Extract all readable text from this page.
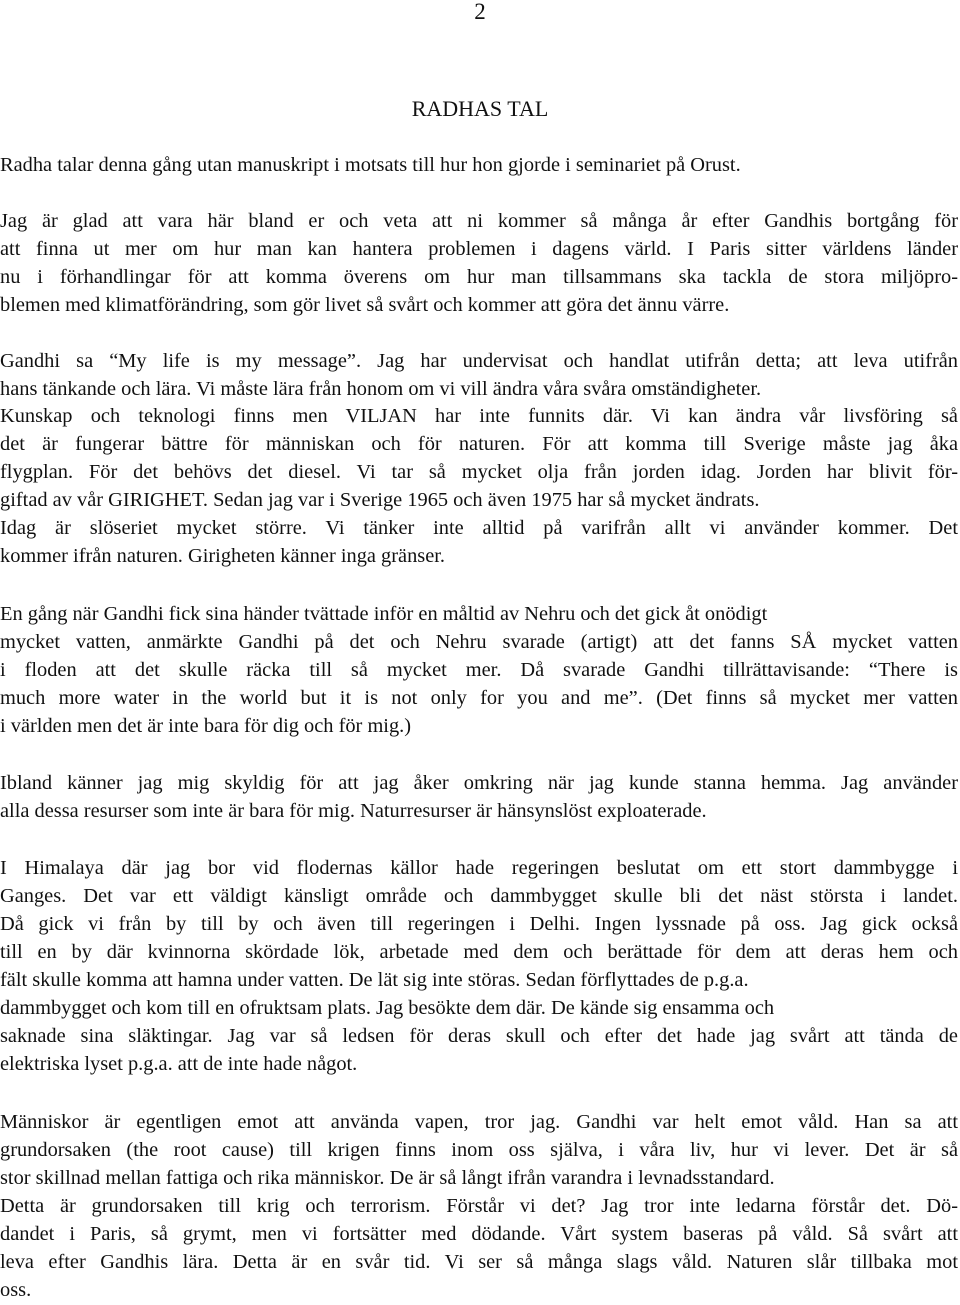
2
RADHAS TAL
Radha talar denna gång utan manuskript i motsats till hur hon gjorde i seminariet på Orust.
Jag är glad att vara här bland er och veta att ni kommer så många år efter Gandhis bortgång för
att finna ut mer om hur man kan hantera problemen i dagens värld. I Paris sitter världens länder
nu i förhandlingar för att komma överens om hur man tillsammans ska tackla de stora miljöpro-
blemen med klimatförändring, som gör livet så svårt och kommer att göra det ännu värre.
Gandhi sa “My life is my message”. Jag har undervisat och handlat utifrån detta; att leva utifrån
hans tänkande och lära. Vi måste lära från honom om vi vill ändra våra svåra omständigheter.
Kunskap och teknologi finns men VILJAN har inte funnits där. Vi kan ändra vår livsföring så
det är fungerar bättre för människan och för naturen. För att komma till Sverige måste jag åka
flygplan. För det behövs det diesel. Vi tar så mycket olja från jorden idag. Jorden har blivit för-
giftad av vår GIRIGHET. Sedan jag var i Sverige 1965 och även 1975 har så mycket ändrats.
Idag är slöseriet mycket större. Vi tänker inte alltid på varifrån allt vi använder kommer. Det
kommer ifrån naturen. Girigheten känner inga gränser.
En gång när Gandhi fick sina händer tvättade inför en måltid av Nehru och det gick åt onödigt
mycket vatten, anmärkte Gandhi på det och Nehru svarade (artigt) att det fanns SÅ mycket vatten
i floden att det skulle räcka till så mycket mer. Då svarade Gandhi tillrättavisande: “There is
much more water in the world but it is not only for you and me”. (Det finns så mycket mer vatten
i världen men det är inte bara för dig och för mig.)
Ibland känner jag mig skyldig för att jag åker omkring när jag kunde stanna hemma. Jag använder
alla dessa resurser som inte är bara för mig. Naturresurser är hänsynslöst exploaterade.
I Himalaya där jag bor vid flodernas källor hade regeringen beslutat om ett stort dammbygge i
Ganges. Det var ett väldigt känsligt område och dammbygget skulle bli det näst största i landet.
Då gick vi från by till by och även till regeringen i Delhi. Ingen lyssnade på oss. Jag gick också
till en by där kvinnorna skördade lök, arbetade med dem och berättade för dem att deras hem och
fält skulle komma att hamna under vatten. De lät sig inte störas. Sedan förflyttades de p.g.a.
dammbygget och kom till en ofruktsam plats. Jag besökte dem där. De kände sig ensamma och
saknade sina släktingar. Jag var så ledsen för deras skull och efter det hade jag svårt att tända de
elektriska lyset p.g.a. att de inte hade något.
Människor är egentligen emot att använda vapen, tror jag. Gandhi var helt emot våld. Han sa att
grundorsaken (the root cause) till krigen finns inom oss själva, i våra liv, hur vi lever. Det är så
stor skillnad mellan fattiga och rika människor. De är så långt ifrån varandra i levnadsstandard.
Detta är grundorsaken till krig och terrorism. Förstår vi det? Jag tror inte ledarna förstår det. Dö-
dandet i Paris, så grymt, men vi fortsätter med dödande. Vårt system baseras på våld. Så svårt att
leva efter Gandhis lära. Detta är en svår tid. Vi ser så många slags våld. Naturen slår tillbaka mot
oss.
